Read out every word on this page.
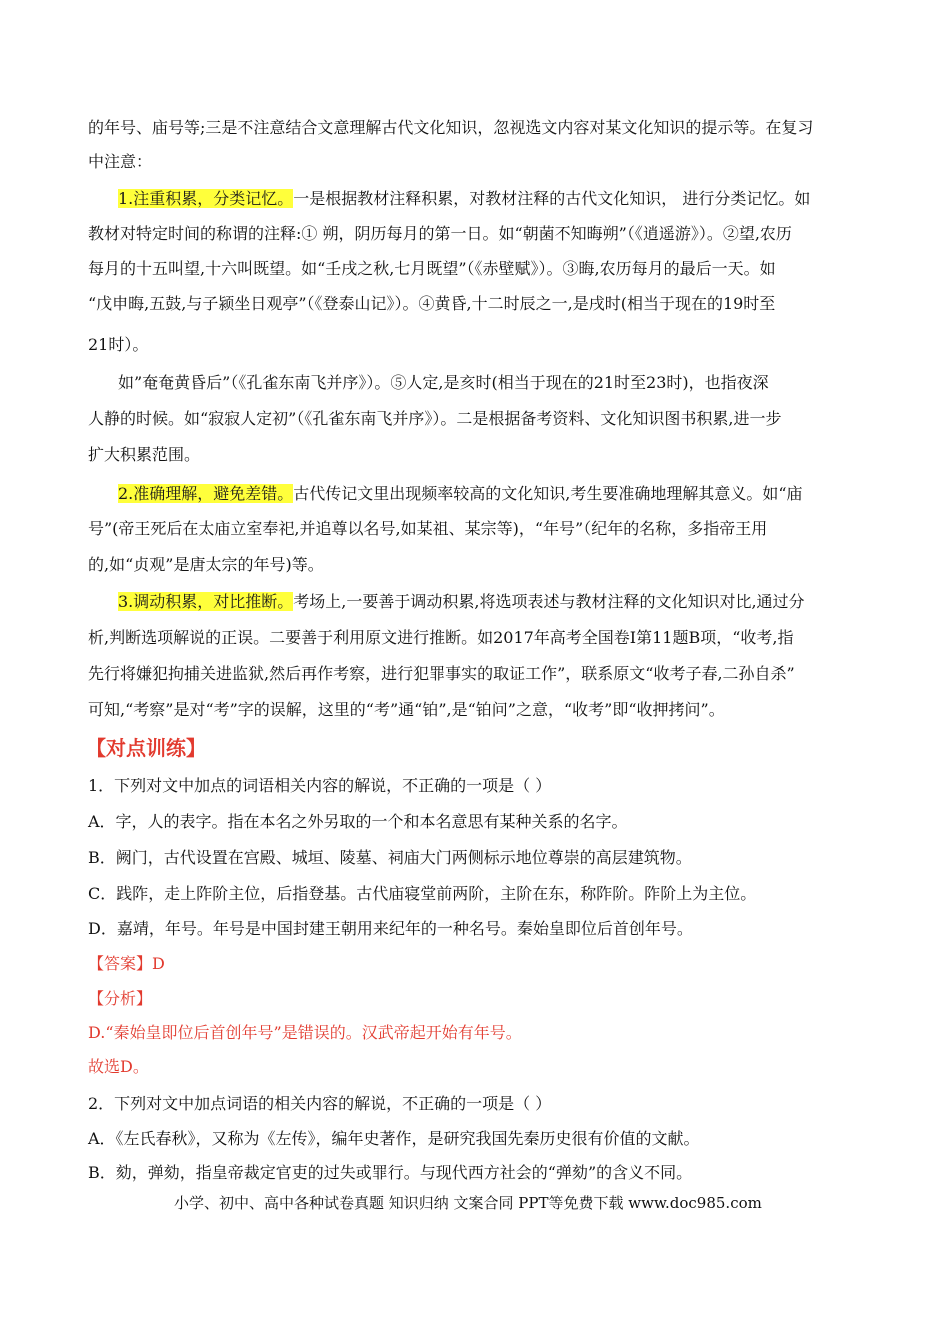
的年号、庙号等;三是不注意结合文意理解古代文化知识，忽视选文内容对某文化知识的提示等。在复习
中注意：
1.注重积累，分类记忆。一是根据教材注释积累，对教材注释的古代文化知识， 进行分类记忆。如
教材对特定时间的称谓的注释:① 朔，阴历每月的第一日。如“朝菌不知晦朔”（《逍遥游》）。②望,农历
每月的十五叫望,十六叫既望。如“壬戌之秋,七月既望”（《赤壁赋》）。③晦,农历每月的最后一天。如
“戊申晦,五鼓,与子颍坐日观亭”（《登泰山记》）。④黄昏,十二时辰之一,是戌时(相当于现在的19时至
21时）。
如”奄奄黄昏后”（《孔雀东南飞并序》）。⑤人定,是亥时(相当于现在的21时至23时)，也指夜深
人静的时候。如“寂寂人定初”（《孔雀东南飞并序》）。二是根据备考资料、文化知识图书积累,进一步
扩大积累范围。
2.准确理解，避免差错。古代传记文里出现频率较高的文化知识,考生要准确地理解其意义。如“庙
号”(帝王死后在太庙立室奉祀,并追尊以名号,如某祖、某宗等)，“年号”（纪年的名称，多指帝王用
的,如“贞观”是唐太宗的年号)等。
3.调动积累，对比推断。考场上,一要善于调动积累,将选项表述与教材注释的文化知识对比,通过分
析,判断选项解说的正误。二要善于利用原文进行推断。如2017年高考全国卷Ⅰ第11题B项，“收考,指
先行将嫌犯拘捕关进监狱,然后再作考察，进行犯罪事实的取证工作”，联系原文“收考子春,二孙自杀”
可知,“考察”是对“考”字的误解，这里的“考”通“铂”,是“铂问”之意，“收考”即“收押拷问”。
【对点训练】
1．下列对文中加点的词语相关内容的解说，不正确的一项是（ ）
A．字，人的表字。指在本名之外另取的一个和本名意思有某种关系的名字。
B．阙门，古代设置在宫殿、城垣、陵墓、祠庙大门两侧标示地位尊崇的高层建筑物。
C．践阼，走上阼阶主位，后指登基。古代庙寝堂前两阶，主阶在东，称阼阶。阼阶上为主位。
D．嘉靖，年号。年号是中国封建王朝用来纪年的一种名号。秦始皇即位后首创年号。
【答案】D
【分析】
D.“秦始皇即位后首创年号”是错误的。汉武帝起开始有年号。
故选D。
2．下列对文中加点词语的相关内容的解说，不正确的一项是（ ）
A．《左氏春秋》，又称为《左传》，编年史著作，是研究我国先秦历史很有价值的文献。
B．劾，弹劾，指皇帝裁定官吏的过失或罪行。与现代西方社会的“弹劾”的含义不同。
小学、初中、高中各种试卷真题 知识归纳 文案合同 PPT等免费下载 www.doc985.com
